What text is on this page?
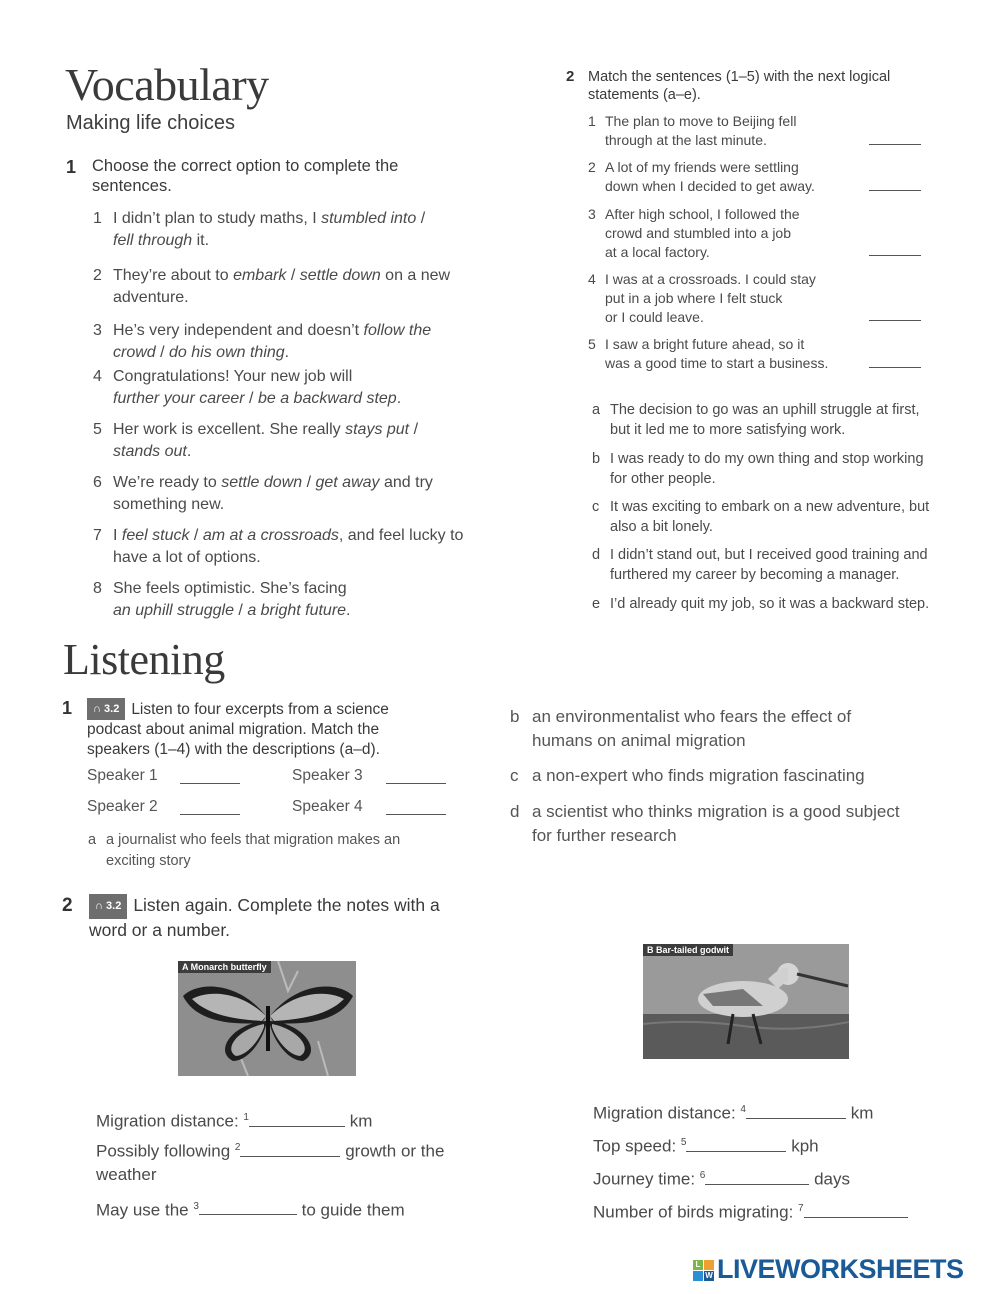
Vocabulary
Making life choices
1 Choose the correct option to complete the
sentences.
1 I didn’t plan to study maths, I stumbled into /
fell through it.
2 They’re about to embark / settle down on a new
adventure.
3 He’s very independent and doesn’t follow the
crowd / do his own thing.
4 Congratulations! Your new job will
further your career / be a backward step.
5 Her work is excellent. She really stays put /
stands out.
6 We’re ready to settle down / get away and try
something new.
7 I feel stuck / am at a crossroads, and feel lucky to
have a lot of options.
8 She feels optimistic. She’s facing
an uphill struggle / a bright future.
2 Match the sentences (1–5) with the next logical
statements (a–e).
1 The plan to move to Beijing fell
through at the last minute.
2 A lot of my friends were settling
down when I decided to get away.
3 After high school, I followed the
crowd and stumbled into a job
at a local factory.
4 I was at a crossroads. I could stay
put in a job where I felt stuck
or I could leave.
5 I saw a bright future ahead, so it
was a good time to start a business.
a The decision to go was an uphill struggle at first,
but it led me to more satisfying work.
b I was ready to do my own thing and stop working
for other people.
c It was exciting to embark on a new adventure, but
also a bit lonely.
d I didn’t stand out, but I received good training and
furthered my career by becoming a manager.
e I’d already quit my job, so it was a backward step.
Listening
1	∩ 3.2 Listen to four excerpts from a science
podcast about animal migration. Match the
speakers (1–4) with the descriptions (a–d).
Speaker 1
Speaker 2
Speaker 3
Speaker 4
a a journalist who feels that migration makes an
exciting story
b an environmentalist who fears the effect of
humans on animal migration
c a non-expert who finds migration fascinating
d a scientist who thinks migration is a good subject
for further research
2	∩ 3.2 Listen again. Complete the notes with a
word or a number.
A Monarch butterfly
B Bar-tailed godwit
Migration distance: $^1$	km
Possibly following $^2$	growth or the
weather
May use the $^3$	to guide them
Migration distance: $^4$	km
Top speed: $^5$	kph
Journey time: $^6$	days
Number of birds migrating: $^7$
L
W LIVEWORKSHEETS
